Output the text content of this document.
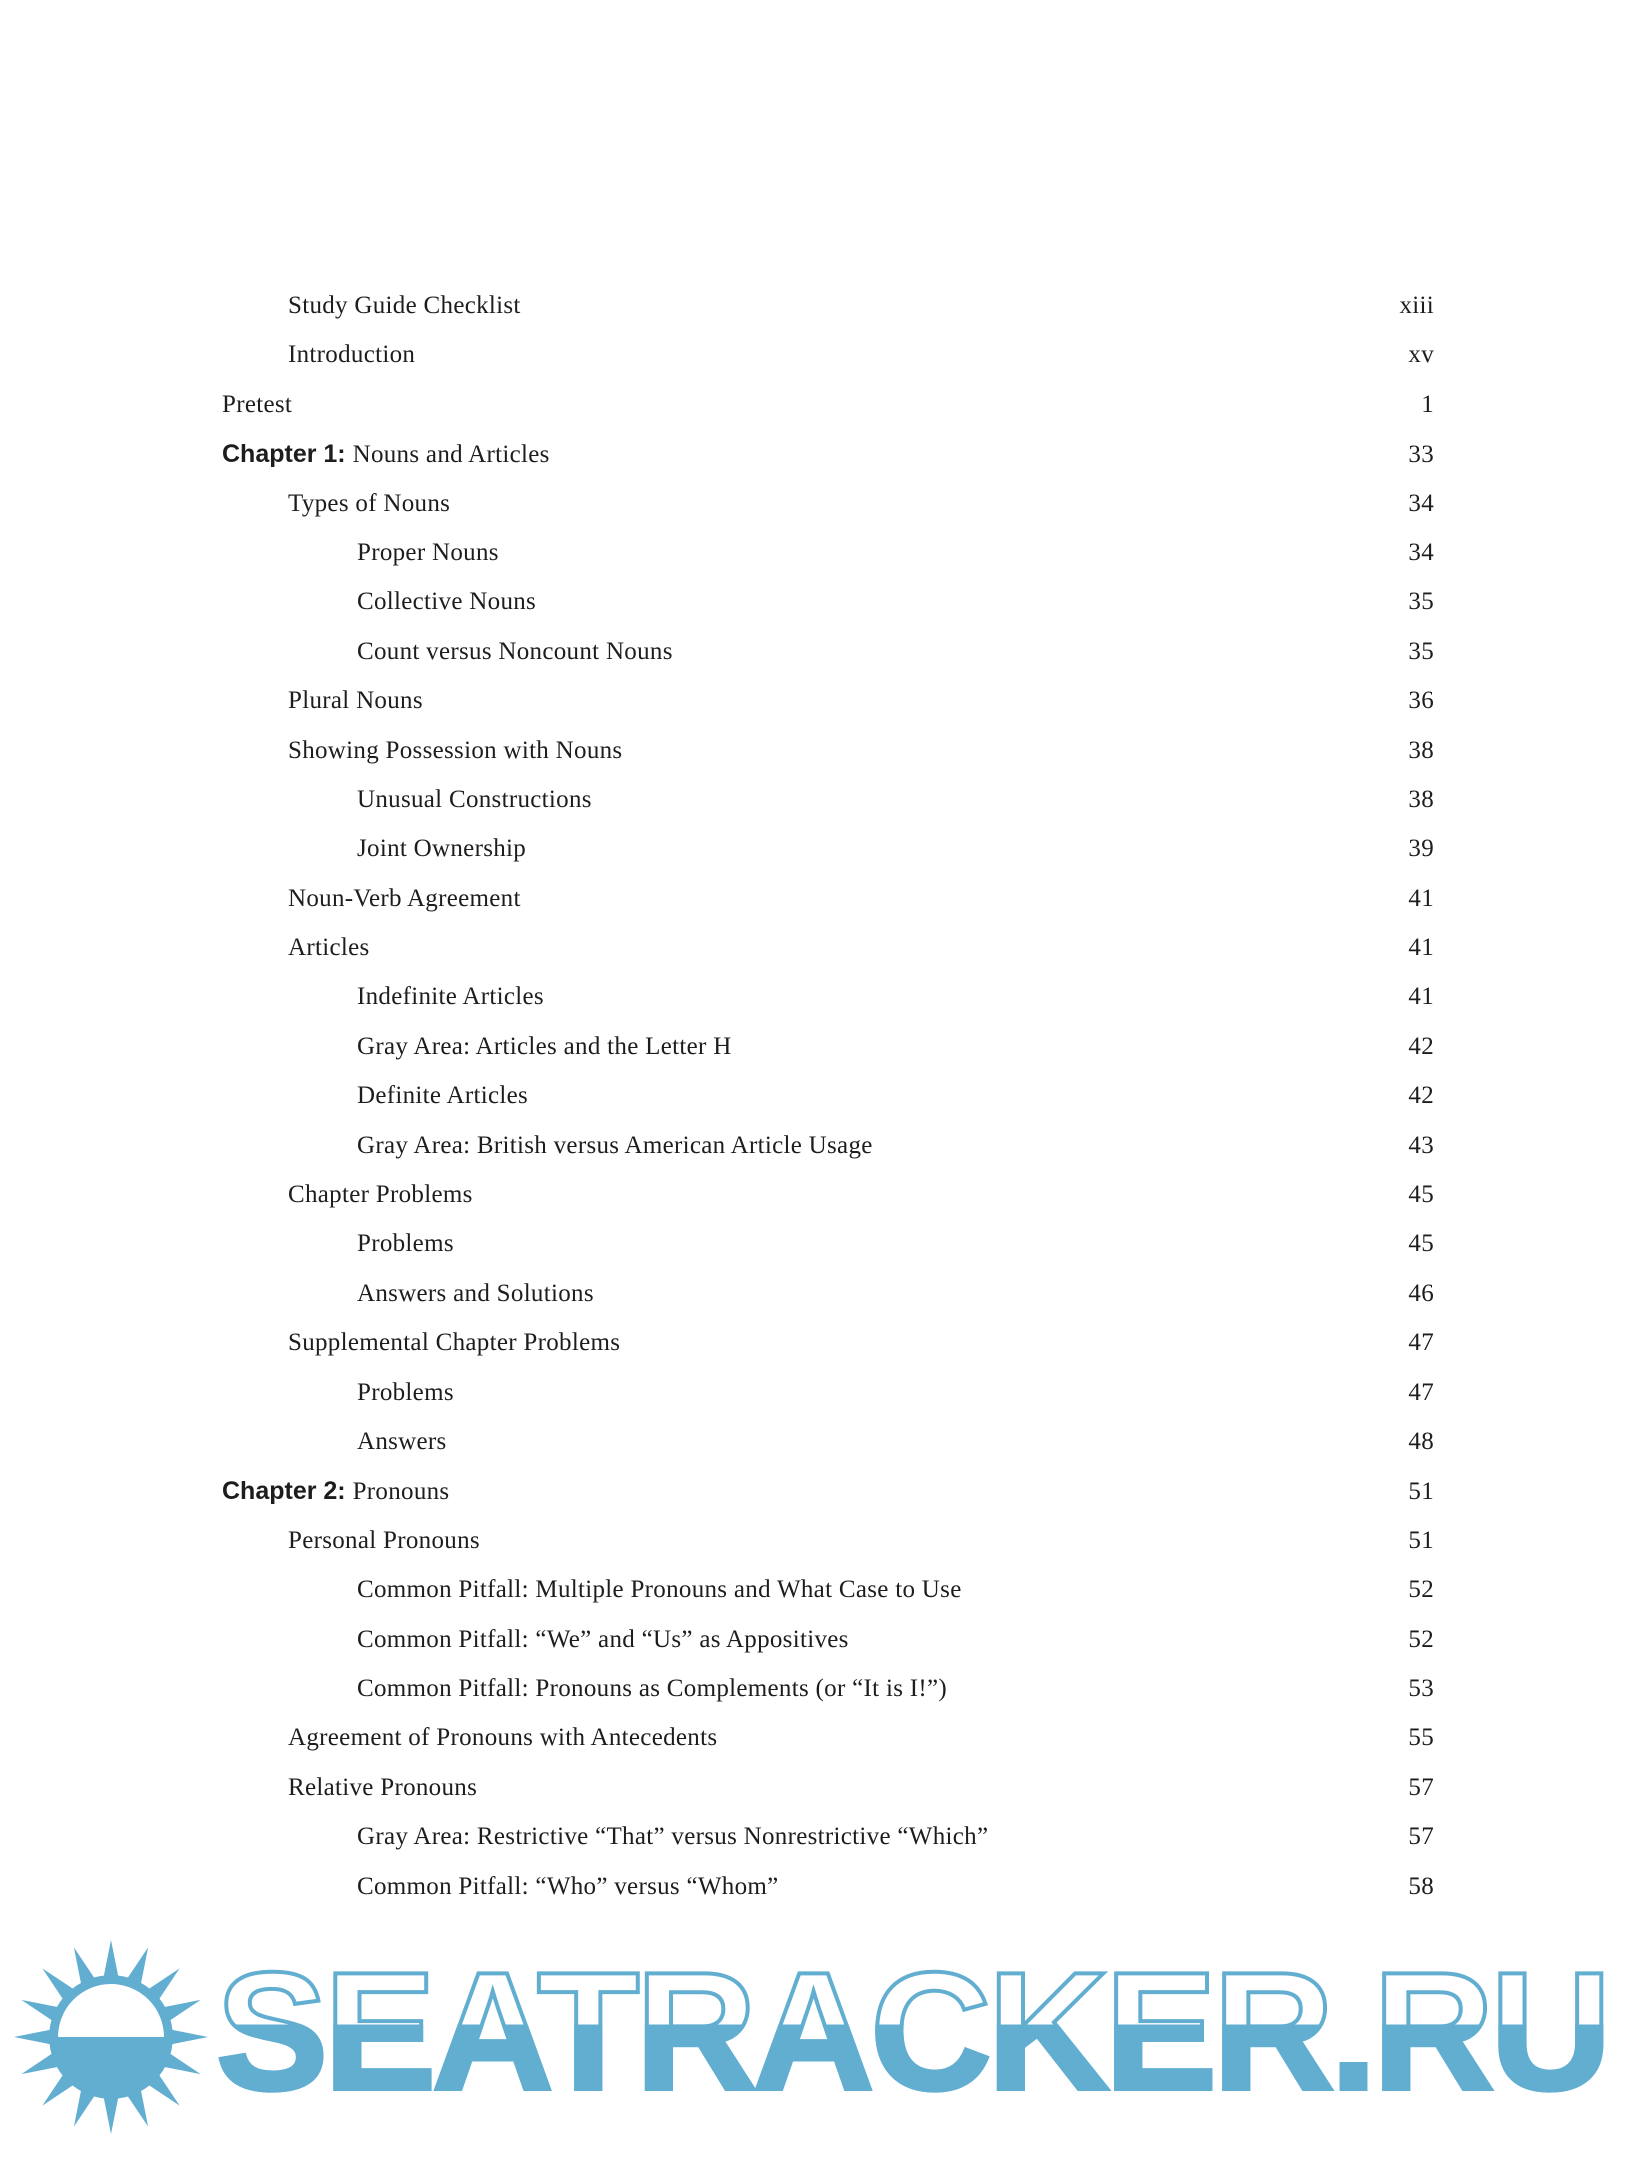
Study Guide Checklist	xiii
Introduction	xv
Pretest	1
Chapter 1: Nouns and Articles	33
Types of Nouns	34
Proper Nouns	34
Collective Nouns	35
Count versus Noncount Nouns	35
Plural Nouns	36
Showing Possession with Nouns	38
Unusual Constructions	38
Joint Ownership	39
Noun-Verb Agreement	41
Articles	41
Indefinite Articles	41
Gray Area: Articles and the Letter H	42
Definite Articles	42
Gray Area: British versus American Article Usage	43
Chapter Problems	45
Problems	45
Answers and Solutions	46
Supplemental Chapter Problems	47
Problems	47
Answers	48
Chapter 2: Pronouns	51
Personal Pronouns	51
Common Pitfall: Multiple Pronouns and What Case to Use	52
Common Pitfall: “We” and “Us” as Appositives	52
Common Pitfall: Pronouns as Complements (or “It is I!”)	53
Agreement of Pronouns with Antecedents	55
Relative Pronouns	57
Gray Area: Restrictive “That” versus Nonrestrictive “Which”	57
Common Pitfall: “Who” versus “Whom”	58
SEATRACKER.RU
